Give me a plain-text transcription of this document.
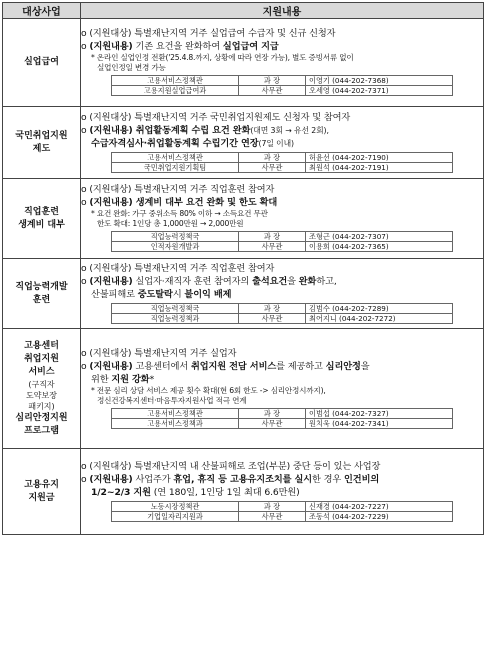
대상사업	지원내용

실업급여

o (지원대상) 특별재난지역 거주 실업급여 수급자 및 신규 신청자
o (지원내용) 기존 요건을 완화하여 실업급여 지급
* 온라인 실업인정 전환('25.4.8.까지, 상황에 따라 연장 가능), 별도 증빙서류 없이
실업인정일 변경 가능
고용서비스정책관	과 장	이영기 (044-202-7368)
고용지원실업급여과	사무관	오세영 (044-202-7371)

국민취업지원
제도

o (지원대상) 특별재난지역 거주 국민취업지원제도 신청자 및 참여자
o (지원내용) 취업활동계획 수립 요건 완화(대면 3회 → 유선 2회),
수급자격심사·취업활동계획 수립기간 연장(7일 이내)
고용서비스정책관	과 장	허윤선 (044-202-7190)
국민취업지원기획팀	사무관	최원석 (044-202-7191)

직업훈련
생계비 대부

o (지원대상) 특별재난지역 거주 직업훈련 참여자
o (지원내용) 생계비 대부 요건 완화 및 한도 확대
* 요건 완화: 가구 중위소득 80% 이하 → 소득요건 무관
한도 확대: 1인당 총 1,000만원 → 2,000만원
직업능력정책국	과 장	조형근 (044-202-7307)
인적자원개발과	사무관	이용희 (044-202-7365)

직업능력개발
훈련

o (지원대상) 특별재난지역 거주 직업훈련 참여자
o (지원내용) 실업자·재직자 훈련 참여자의 출석요건을 완화하고,
산불피해로 중도탈락시 불이익 배제
직업능력정책국	과 장	김범수 (044-202-7289)
직업능력정책과	사무관	최어지니 (044-202-7272)

고용센터
취업지원
서비스
(구직자
도약보장
패키지)
심리안정지원
프로그램

o (지원대상) 특별재난지역 거주 실업자
o (지원내용) 고용센터에서 취업지원 전담 서비스를 제공하고 심리안정을
위한 지원 강화*
* 전문 심리 상담 서비스 제공 횟수 확대(현 6회 한도 -> 심리안정시까지),
정신건강복지센터·마음투자지원사업 적극 연계
고용서비스정책관	과 장	이범섭 (044-202-7327)
고용서비스정책과	사무관	원치욱 (044-202-7341)

고용유지
지원금

o (지원대상) 특별재난지역 내 산불피해로 조업(부분) 중단 등이 있는 사업장
o (지원내용) 사업주가 휴업, 휴직 등 고용유지조치를 실시한 경우 인건비의
1/2~2/3 지원 (연 180일, 1인당 1일 최대 6.6만원)
노동시장정책관	과 장	신재경 (044-202-7227)
기업일자리지원과	사무관	조동석 (044-202-7229)
